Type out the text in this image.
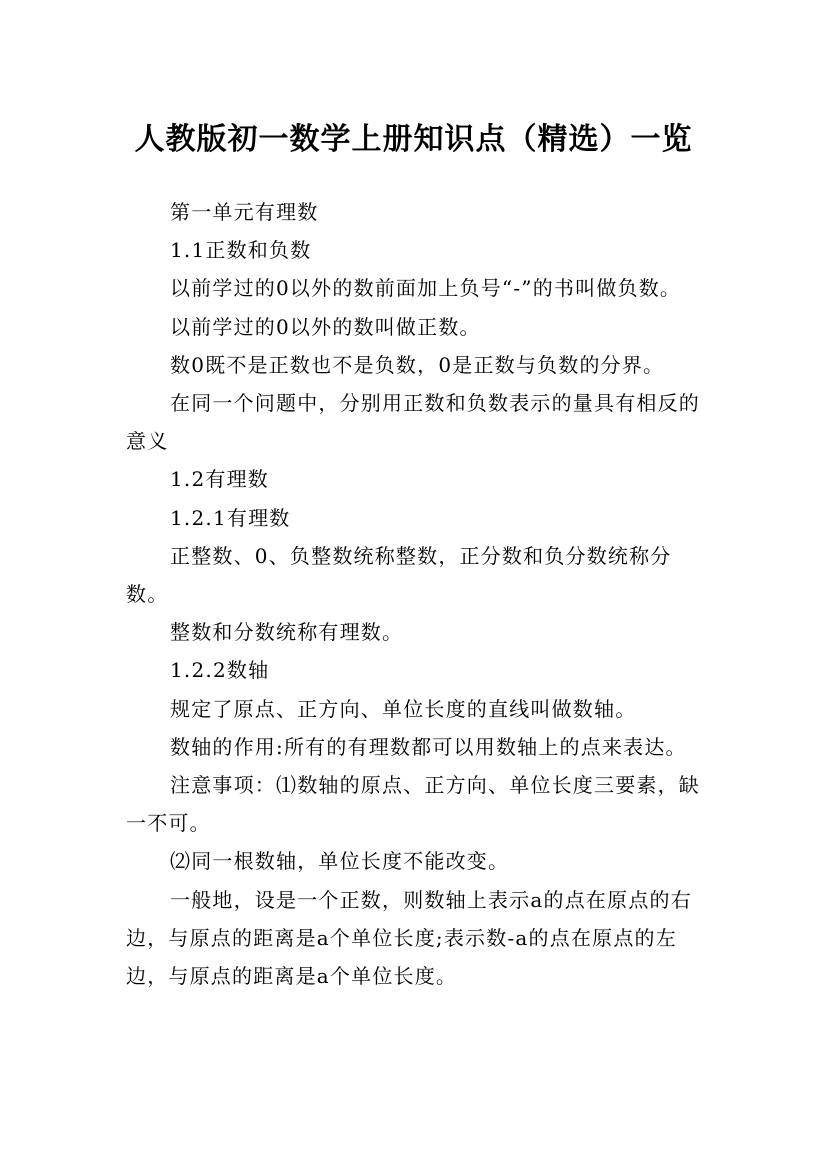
人教版初一数学上册知识点（精选）一览

第一单元有理数

1.1正数和负数

以前学过的0以外的数前面加上负号“-”的书叫做负数。

以前学过的0以外的数叫做正数。

数0既不是正数也不是负数，0是正数与负数的分界。

在同一个问题中，分别用正数和负数表示的量具有相反的意义

1.2有理数

1.2.1有理数

正整数、0、负整数统称整数，正分数和负分数统称分数。

整数和分数统称有理数。

1.2.2数轴

规定了原点、正方向、单位长度的直线叫做数轴。

数轴的作用:所有的有理数都可以用数轴上的点来表达。

注意事项：⑴数轴的原点、正方向、单位长度三要素，缺一不可。

⑵同一根数轴，单位长度不能改变。

一般地，设是一个正数，则数轴上表示a的点在原点的右边，与原点的距离是a个单位长度;表示数-a的点在原点的左边，与原点的距离是a个单位长度。
